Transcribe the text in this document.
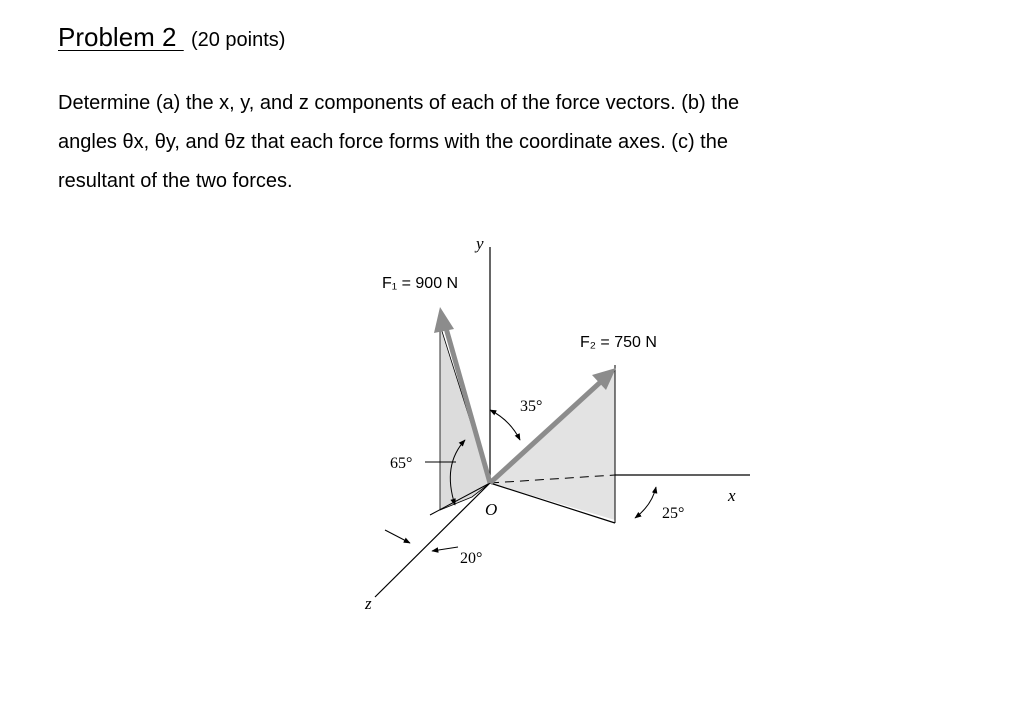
Problem 2 (20 points)
Determine (a) the x, y, and z components of each of the force vectors. (b) the
angles θx, θy, and θz that each force forms with the coordinate axes. (c) the
resultant of the two forces.
y
x
z
O
F₁ = 900 N
F₂ = 750 N
65°
35°
20°
25°
